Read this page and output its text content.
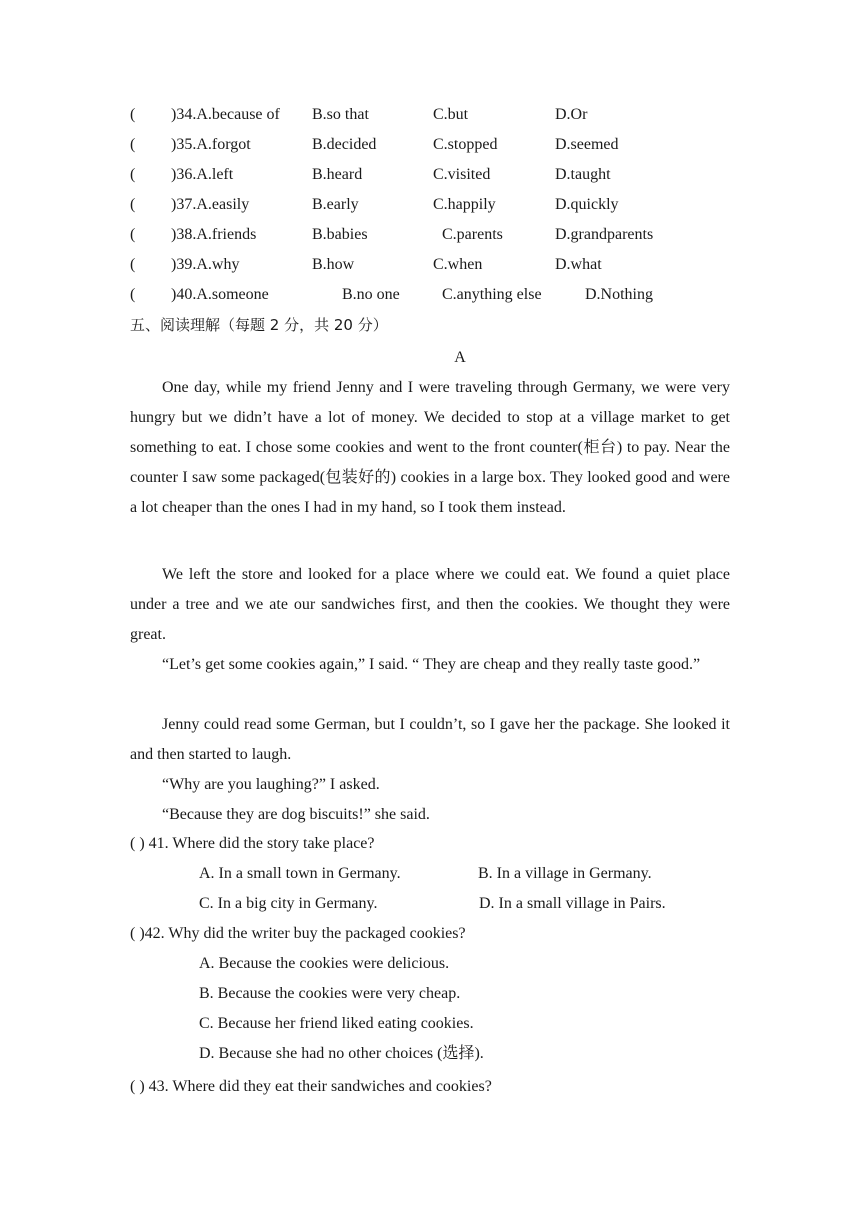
( )34.A.because of B.so that	C.but	D.Or
( )35.A.forgot	B.decided	C.stopped	D.seemed
( )36.A.left	B.heard	C.visited	D.taught
( )37.A.easily	B.early	C.happily	D.quickly
( )38.A.friends	B.babies	C.parents	D.grandparents
( )39.A.why	B.how	C.when	D.what
( )40.A.someone	B.no one	C.anything else	D.Nothing
五、阅读理解（每题 2 分，共 20 分）
A
One day, while my friend Jenny and I were traveling through Germany, we were very hungry but we didn’t have a lot of money. We decided to stop at a village market to get something to eat. I chose some cookies and went to the front counter(柜台) to pay. Near the counter I saw some packaged(包装好的) cookies in a large box. They looked good and were a lot cheaper than the ones I had in my hand, so I took them instead.
We left the store and looked for a place where we could eat. We found a quiet place under a tree and we ate our sandwiches first, and then the cookies. We thought they were great.
“Let’s get some cookies again,” I said. “ They are cheap and they really taste good.”
Jenny could read some German, but I couldn’t, so I gave her the package. She looked it and then started to laugh.
“Why are you laughing?” I asked.
“Because they are dog biscuits!” she said.
( ) 41. Where did the story take place?
A. In a small town in Germany.	B. In a village in Germany.
C. In a big city in Germany.	D. In a small village in Pairs.
( )42. Why did the writer buy the packaged cookies?
A. Because the cookies were delicious.
B. Because the cookies were very cheap.
C. Because her friend liked eating cookies.
D. Because she had no other choices (选择).
( ) 43. Where did they eat their sandwiches and cookies?
